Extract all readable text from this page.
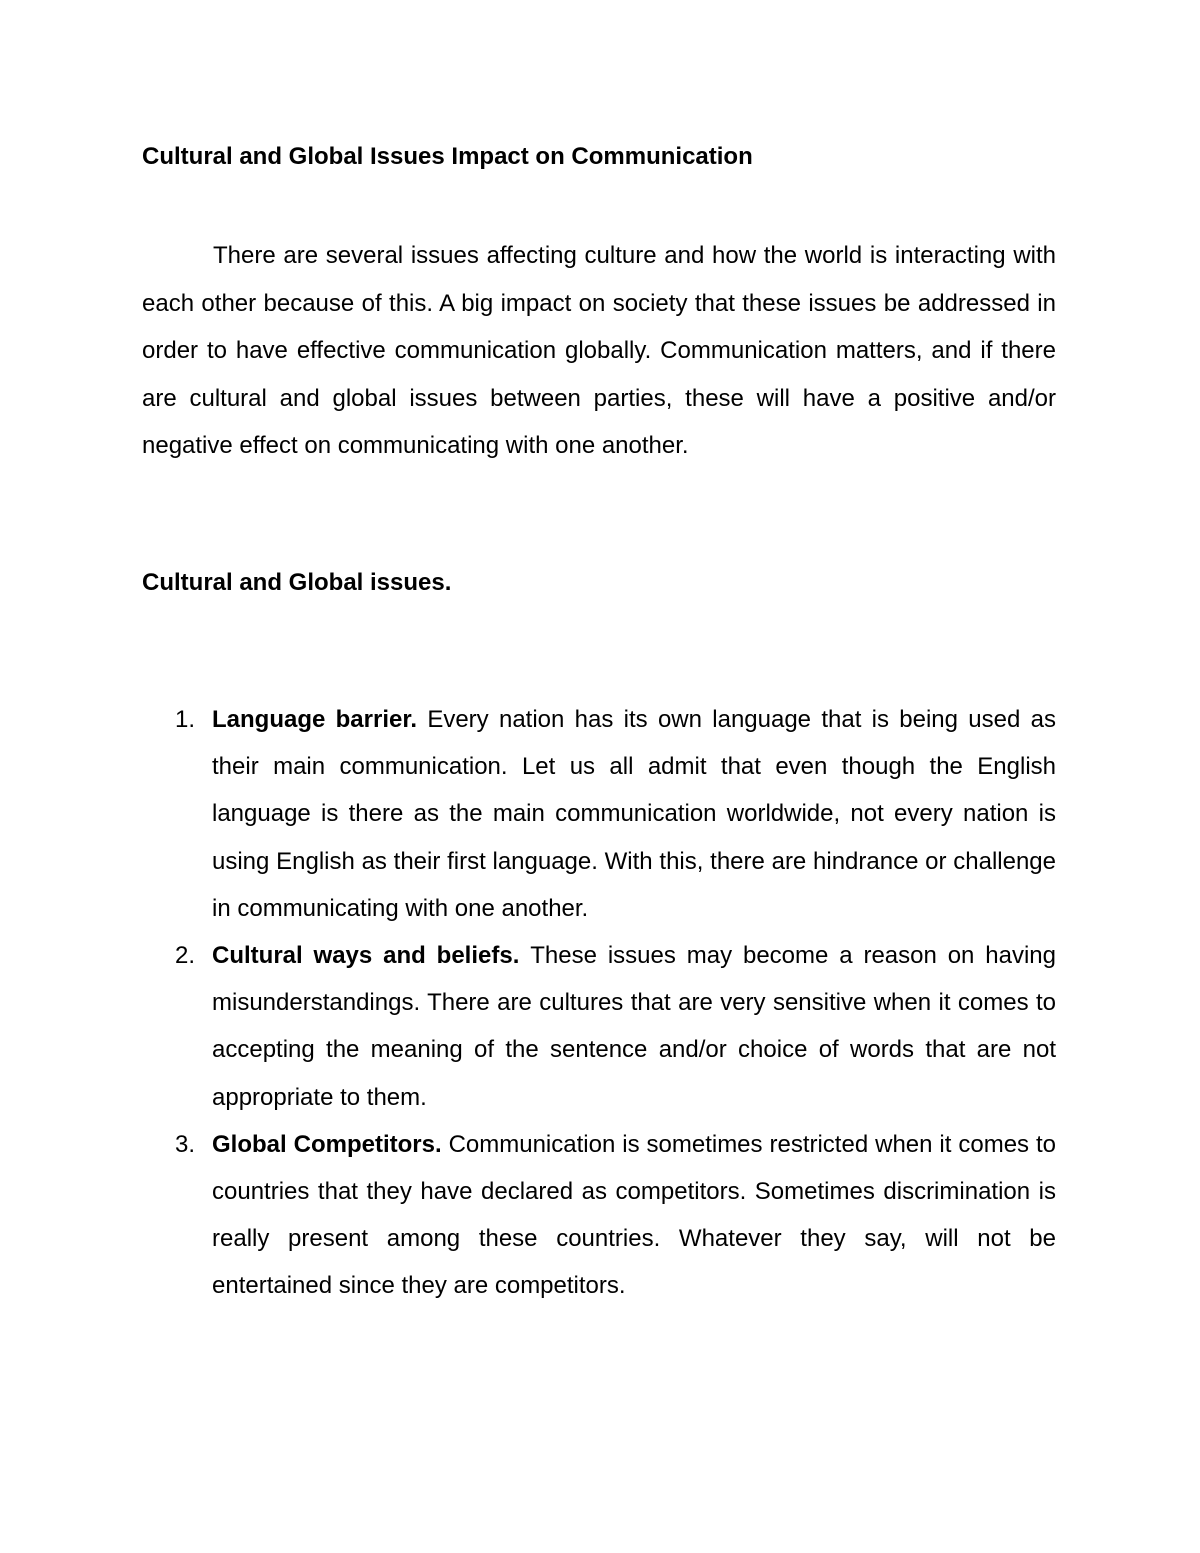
Cultural and Global Issues Impact on Communication

There are several issues affecting culture and how the world is interacting with each other because of this. A big impact on society that these issues be addressed in order to have effective communication globally. Communication matters, and if there are cultural and global issues between parties, these will have a positive and/or negative effect on communicating with one another.

Cultural and Global issues.
1. Language barrier. Every nation has its own language that is being used as their main communication. Let us all admit that even though the English language is there as the main communication worldwide, not every nation is using English as their first language. With this, there are hindrance or challenge in communicating with one another.
2. Cultural ways and beliefs. These issues may become a reason on having misunderstandings. There are cultures that are very sensitive when it comes to accepting the meaning of the sentence and/or choice of words that are not appropriate to them.
3. Global Competitors. Communication is sometimes restricted when it comes to countries that they have declared as competitors. Sometimes discrimination is really present among these countries. Whatever they say, will not be entertained since they are competitors.
